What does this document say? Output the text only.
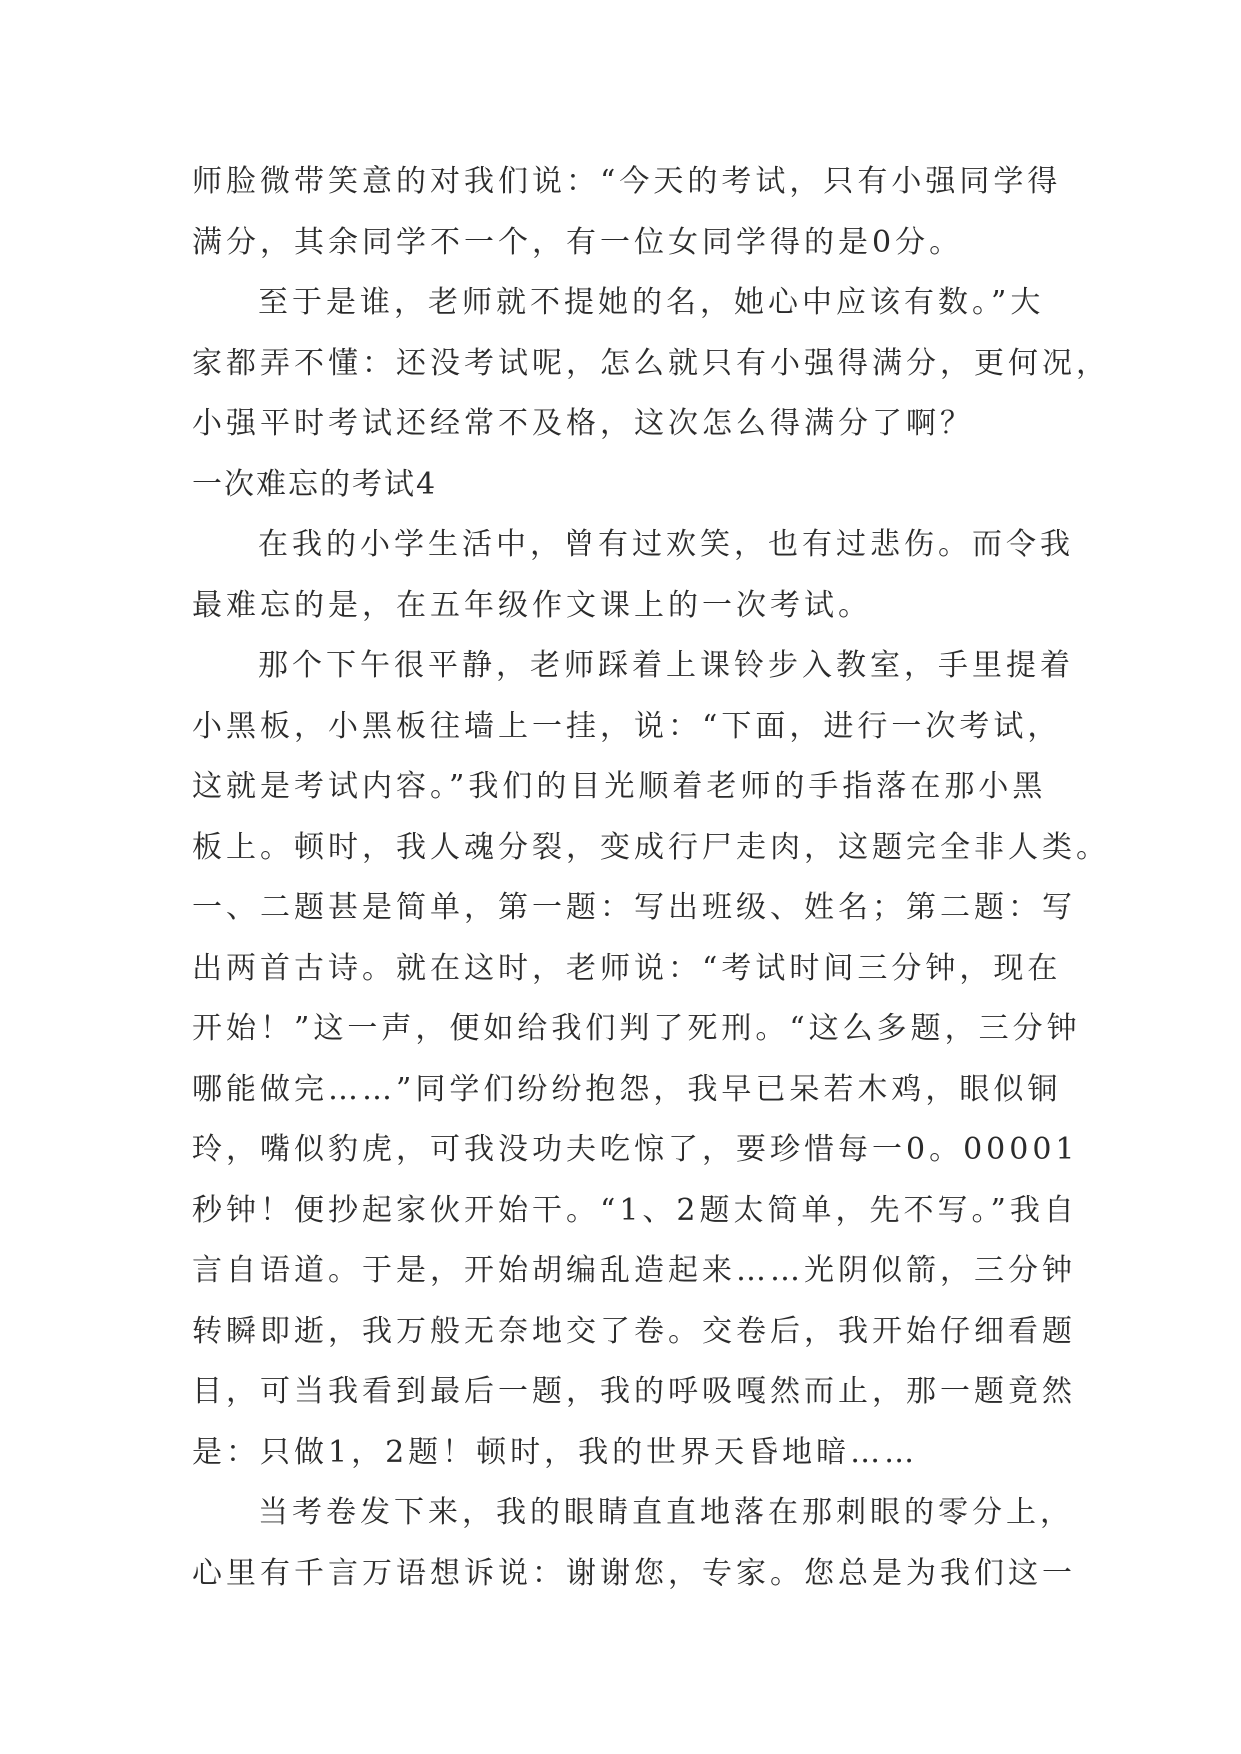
师脸微带笑意的对我们说：“今天的考试，只有小强同学得
满分，其余同学不一个，有一位女同学得的是0分。
至于是谁，老师就不提她的名，她心中应该有数。”大
家都弄不懂：还没考试呢，怎么就只有小强得满分，更何况，
小强平时考试还经常不及格，这次怎么得满分了啊？
一次难忘的考试4
在我的小学生活中，曾有过欢笑，也有过悲伤。而令我
最难忘的是，在五年级作文课上的一次考试。
那个下午很平静，老师踩着上课铃步入教室，手里提着
小黑板，小黑板往墙上一挂，说：“下面，进行一次考试，
这就是考试内容。”我们的目光顺着老师的手指落在那小黑
板上。顿时，我人魂分裂，变成行尸走肉，这题完全非人类。
一、二题甚是简单，第一题：写出班级、姓名；第二题：写
出两首古诗。就在这时，老师说：“考试时间三分钟，现在
开始！”这一声，便如给我们判了死刑。“这么多题，三分钟
哪能做完……”同学们纷纷抱怨，我早已呆若木鸡，眼似铜
玲，嘴似豹虎，可我没功夫吃惊了，要珍惜每一0。00001
秒钟！便抄起家伙开始干。“1、2题太简单，先不写。”我自
言自语道。于是，开始胡编乱造起来……光阴似箭，三分钟
转瞬即逝，我万般无奈地交了卷。交卷后，我开始仔细看题
目，可当我看到最后一题，我的呼吸嘎然而止，那一题竟然
是：只做1，2题！顿时，我的世界天昏地暗……
当考卷发下来，我的眼睛直直地落在那刺眼的零分上，
心里有千言万语想诉说：谢谢您，专家。您总是为我们这一
